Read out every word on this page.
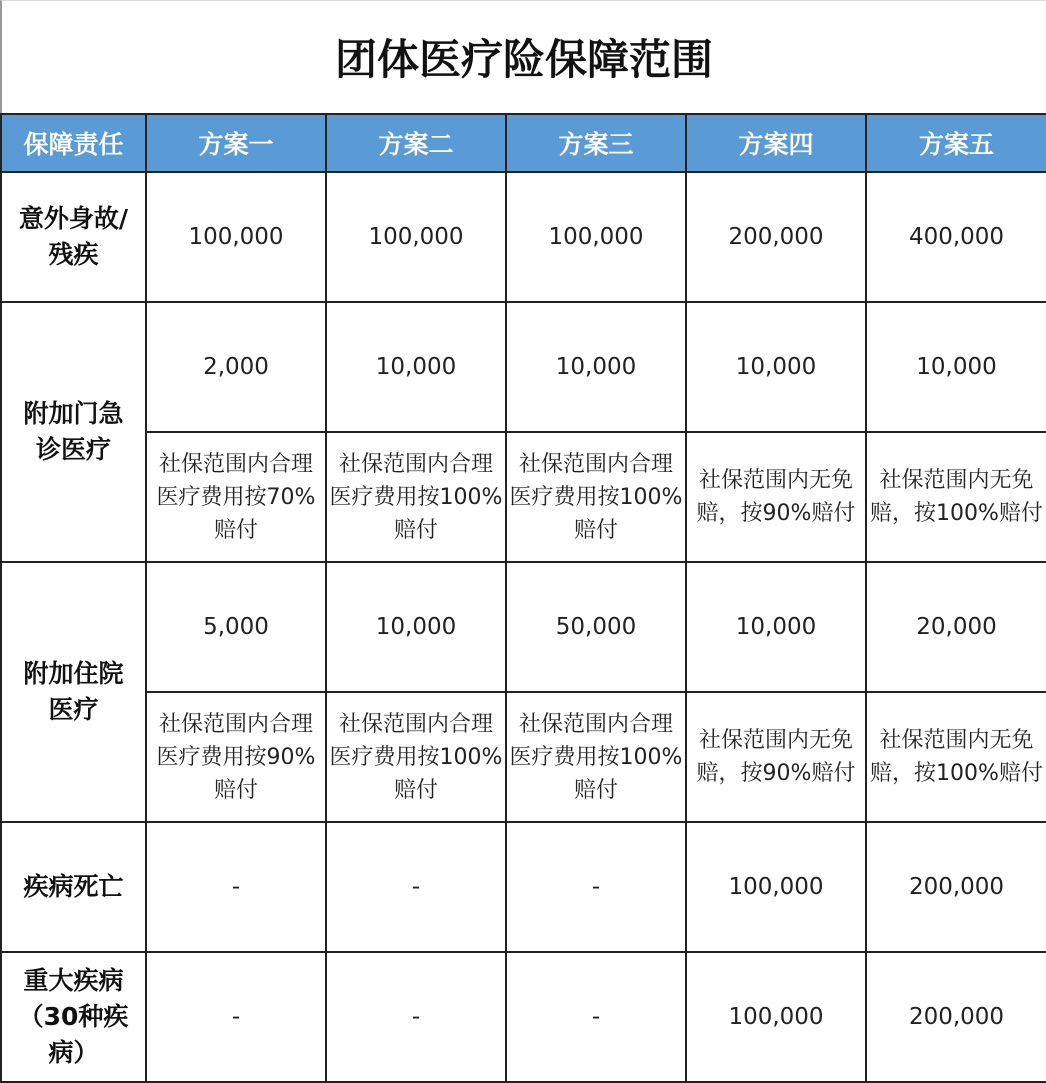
团体医疗险保障范围
保障责任	方案一	方案二	方案三	方案四	方案五
意外身故/残疾	100,000	100,000	100,000	200,000	400,000
附加门急诊医疗	2,000	10,000	10,000	10,000	10,000
	社保范围内合理医疗费用按70%赔付	社保范围内合理医疗费用按100%赔付	社保范围内合理医疗费用按100%赔付	社保范围内无免赔，按90%赔付	社保范围内无免赔，按100%赔付
附加住院医疗	5,000	10,000	50,000	10,000	20,000
	社保范围内合理医疗费用按90%赔付	社保范围内合理医疗费用按100%赔付	社保范围内合理医疗费用按100%赔付	社保范围内无免赔，按90%赔付	社保范围内无免赔，按100%赔付
疾病死亡	-	-	-	100,000	200,000
重大疾病（30种疾病）	-	-	-	100,000	200,000
